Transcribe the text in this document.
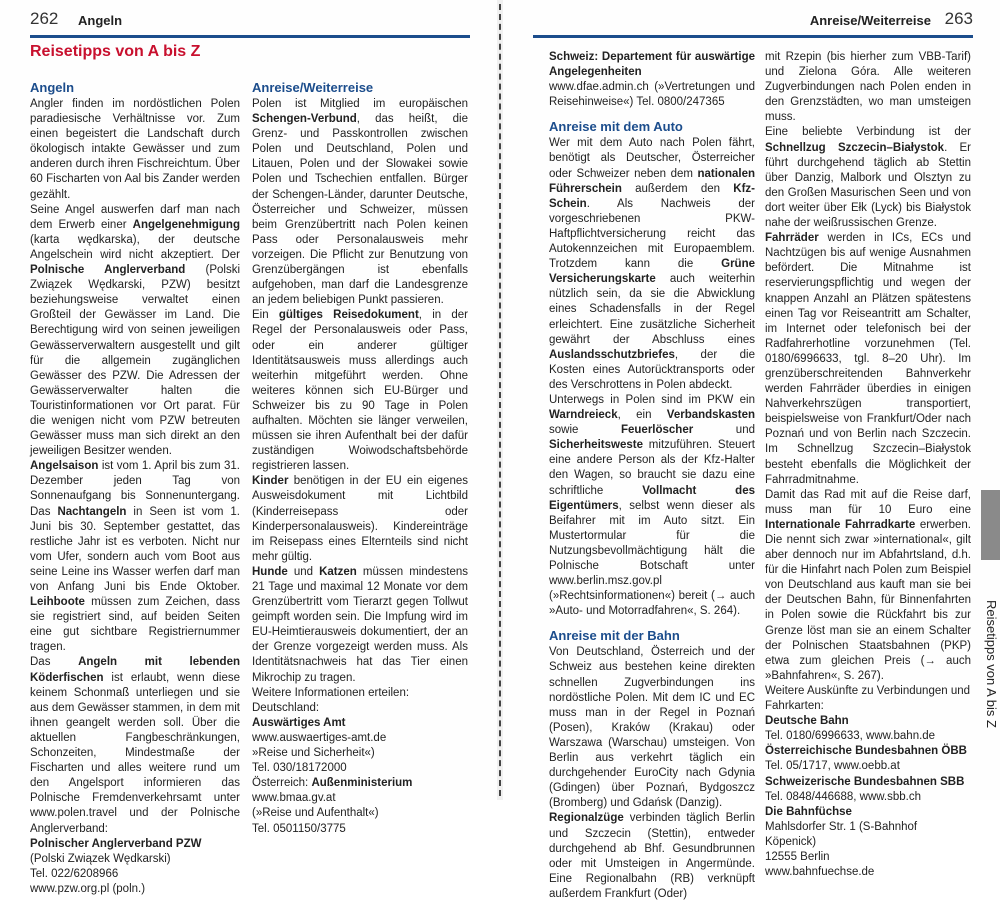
262 Angeln
Reisetipps von A bis Z
Angeln

Angler finden im nordöstlichen Polen paradiesische Verhältnisse vor. Zum einen begeistert die Landschaft durch ökologisch intakte Gewässer und zum anderen durch ihren Fischreichtum. Über 60 Fischarten von Aal bis Zander werden gezählt.

Seine Angel auswerfen darf man nach dem Erwerb einer Angelgenehmigung (karta wędkarska), der deutsche Angelschein wird nicht akzeptiert. Der Polnische Anglerverband (Polski Związek Wędkarski, PZW) besitzt beziehungsweise verwaltet einen Großteil der Gewässer im Land. Die Berechtigung wird von seinen jeweiligen Gewässerverwaltern ausgestellt und gilt für die allgemein zugänglichen Gewässer des PZW. Die Adressen der Gewässerverwalter halten die Touristinformationen vor Ort parat. Für die wenigen nicht vom PZW betreuten Gewässer muss man sich direkt an den jeweiligen Besitzer wenden.

Angelsaison ist vom 1. April bis zum 31. Dezember jeden Tag von Sonnenaufgang bis Sonnenuntergang. Das Nachtangeln in Seen ist vom 1. Juni bis 30. September gestattet, das restliche Jahr ist es verboten. Nicht nur vom Ufer, sondern auch vom Boot aus seine Leine ins Wasser werfen darf man von Anfang Juni bis Ende Oktober. Leihboote müssen zum Zeichen, dass sie registriert sind, auf beiden Seiten eine gut sichtbare Registriernummer tragen.

Das Angeln mit lebenden Köderfischen ist erlaubt, wenn diese keinem Schonmaß unterliegen und sie aus dem Gewässer stammen, in dem mit ihnen geangelt werden soll. Über die aktuellen Fangbeschränkungen, Schonzeiten, Mindestmaße der Fischarten und alles weitere rund um den Angelsport informieren das Polnische Fremdenverkehrsamt unter www.polen.travel und der Polnische Anglerverband:

Polnischer Anglerverband PZW

(Polski Związek Wędkarski)

Tel. 022/6208966

www.pzw.org.pl (poln.)

Anreise/Weiterreise

Polen ist Mitglied im europäischen Schengen-Verbund, das heißt, die Grenz- und Passkontrollen zwischen Polen und Deutschland, Polen und Litauen, Polen und der Slowakei sowie Polen und Tschechien entfallen. Bürger der Schengen-Länder, darunter Deutsche, Österreicher und Schweizer, müssen beim Grenzübertritt nach Polen keinen Pass oder Personalausweis mehr vorzeigen. Die Pflicht zur Benutzung von Grenzübergängen ist ebenfalls aufgehoben, man darf die Landesgrenze an jedem beliebigen Punkt passieren.

Ein gültiges Reisedokument, in der Regel der Personalausweis oder Pass, oder ein anderer gültiger Identitätsausweis muss allerdings auch weiterhin mitgeführt werden. Ohne weiteres können sich EU-Bürger und Schweizer bis zu 90 Tage in Polen aufhalten. Möchten sie länger verweilen, müssen sie ihren Aufenthalt bei der dafür zuständigen Woiwodschaftsbehörde registrieren lassen.

Kinder benötigen in der EU ein eigenes Ausweisdokument mit Lichtbild (Kinderreisepass oder Kinderpersonalausweis). Kindereinträge im Reisepass eines Elternteils sind nicht mehr gültig.

Hunde und Katzen müssen mindestens 21 Tage und maximal 12 Monate vor dem Grenzübertritt vom Tierarzt gegen Tollwut geimpft worden sein. Die Impfung wird im EU-Heimtierausweis dokumentiert, der an der Grenze vorgezeigt werden muss. Als Identitätsnachweis hat das Tier einen Mikrochip zu tragen.

Weitere Informationen erteilen:

Deutschland:

Auswärtiges Amt

www.auswaertiges-amt.de

»Reise und Sicherheit«)

Tel. 030/18172000

Österreich: Außenministerium

www.bmaa.gv.at

(»Reise und Aufenthalt«)

Tel. 0501150/3775

Anreise/Weiterreise 263

Schweiz: Departement für auswärtige Angelegenheiten

www.dfae.admin.ch (»Vertretungen und Reisehinweise«) Tel. 0800/247365

Anreise mit dem Auto

Wer mit dem Auto nach Polen fährt, benötigt als Deutscher, Österreicher oder Schweizer neben dem nationalen Führerschein außerdem den Kfz-Schein. Als Nachweis der vorgeschriebenen PKW-Haftpflichtversicherung reicht das Autokennzeichen mit Europaemblem. Trotzdem kann die Grüne Versicherungskarte auch weiterhin nützlich sein, da sie die Abwicklung eines Schadensfalls in der Regel erleichtert. Eine zusätzliche Sicherheit gewährt der Abschluss eines Auslandsschutzbriefes, der die Kosten eines Autorücktransports oder des Verschrottens in Polen abdeckt.

Unterwegs in Polen sind im PKW ein Warndreieck, ein Verbandskasten sowie Feuerlöscher und Sicherheitsweste mitzuführen. Steuert eine andere Person als der Kfz-Halter den Wagen, so braucht sie dazu eine schriftliche Vollmacht des Eigentümers, selbst wenn dieser als Beifahrer mit im Auto sitzt. Ein Mustertormular für die Nutzungsbevollmächtigung hält die Polnische Botschaft unter www.berlin.msz.gov.pl (»Rechtsinformationen«) bereit (→ auch »Auto- und Motorradfahren«, S. 264).

Anreise mit der Bahn

Von Deutschland, Österreich und der Schweiz aus bestehen keine direkten schnellen Zugverbindungen ins nordöstliche Polen. Mit dem IC und EC muss man in der Regel in Poznań (Posen), Kraków (Krakau) oder Warszawa (Warschau) umsteigen. Von Berlin aus verkehrt täglich ein durchgehender EuroCity nach Gdynia (Gdingen) über Poznań, Bydgoszcz (Bromberg) und Gdańsk (Danzig).

Regionalzüge verbinden täglich Berlin und Szczecin (Stettin), entweder durchgehend ab Bhf. Gesundbrunnen oder mit Umsteigen in Angermünde. Eine Regionalbahn (RB) verknüpft außerdem Frankfurt (Oder)

mit Rzepin (bis hierher zum VBB-Tarif) und Zielona Góra. Alle weiteren Zugverbindungen nach Polen enden in den Grenzstädten, wo man umsteigen muss.

Eine beliebte Verbindung ist der Schnellzug Szczecin–Białystok. Er führt durchgehend täglich ab Stettin über Danzig, Malbork und Olsztyn zu den Großen Masurischen Seen und von dort weiter über Ełk (Lyck) bis Białystok nahe der weißrussischen Grenze.

Fahrräder werden in ICs, ECs und Nachtzügen bis auf wenige Ausnahmen befördert. Die Mitnahme ist reservierungspflichtig und wegen der knappen Anzahl an Plätzen spätestens einen Tag vor Reiseantritt am Schalter, im Internet oder telefonisch bei der Radfahrerhotline vorzunehmen (Tel. 0180/6996633, tgl. 8–20 Uhr). Im grenzüberschreitenden Bahnverkehr werden Fahrräder überdies in einigen Nahverkehrszügen transportiert, beispielsweise von Frankfurt/Oder nach Poznań und von Berlin nach Szczecin. Im Schnellzug Szczecin–Białystok besteht ebenfalls die Möglichkeit der Fahrradmitnahme.

Damit das Rad mit auf die Reise darf, muss man für 10 Euro eine Internationale Fahrradkarte erwerben. Die nennt sich zwar »international«, gilt aber dennoch nur im Abfahrtsland, d.h. für die Hinfahrt nach Polen zum Beispiel von Deutschland aus kauft man sie bei der Deutschen Bahn, für Binnenfahrten in Polen sowie die Rückfahrt bis zur Grenze löst man sie an einem Schalter der Polnischen Staatsbahnen (PKP) etwa zum gleichen Preis (→ auch »Bahnfahren«, S. 267).

Weitere Auskünfte zu Verbindungen und Fahrkarten:

Deutsche Bahn

Tel. 0180/6996633, www.bahn.de

Österreichische Bundesbahnen ÖBB

Tel. 05/1717, www.oebb.at

Schweizerische Bundesbahnen SBB

Tel. 0848/446688, www.sbb.ch

Die Bahnfüchse

Mahlsdorfer Str. 1 (S-Bahnhof Köpenick)

12555 Berlin

www.bahnfuechse.de

Reisetipps von A bis Z
